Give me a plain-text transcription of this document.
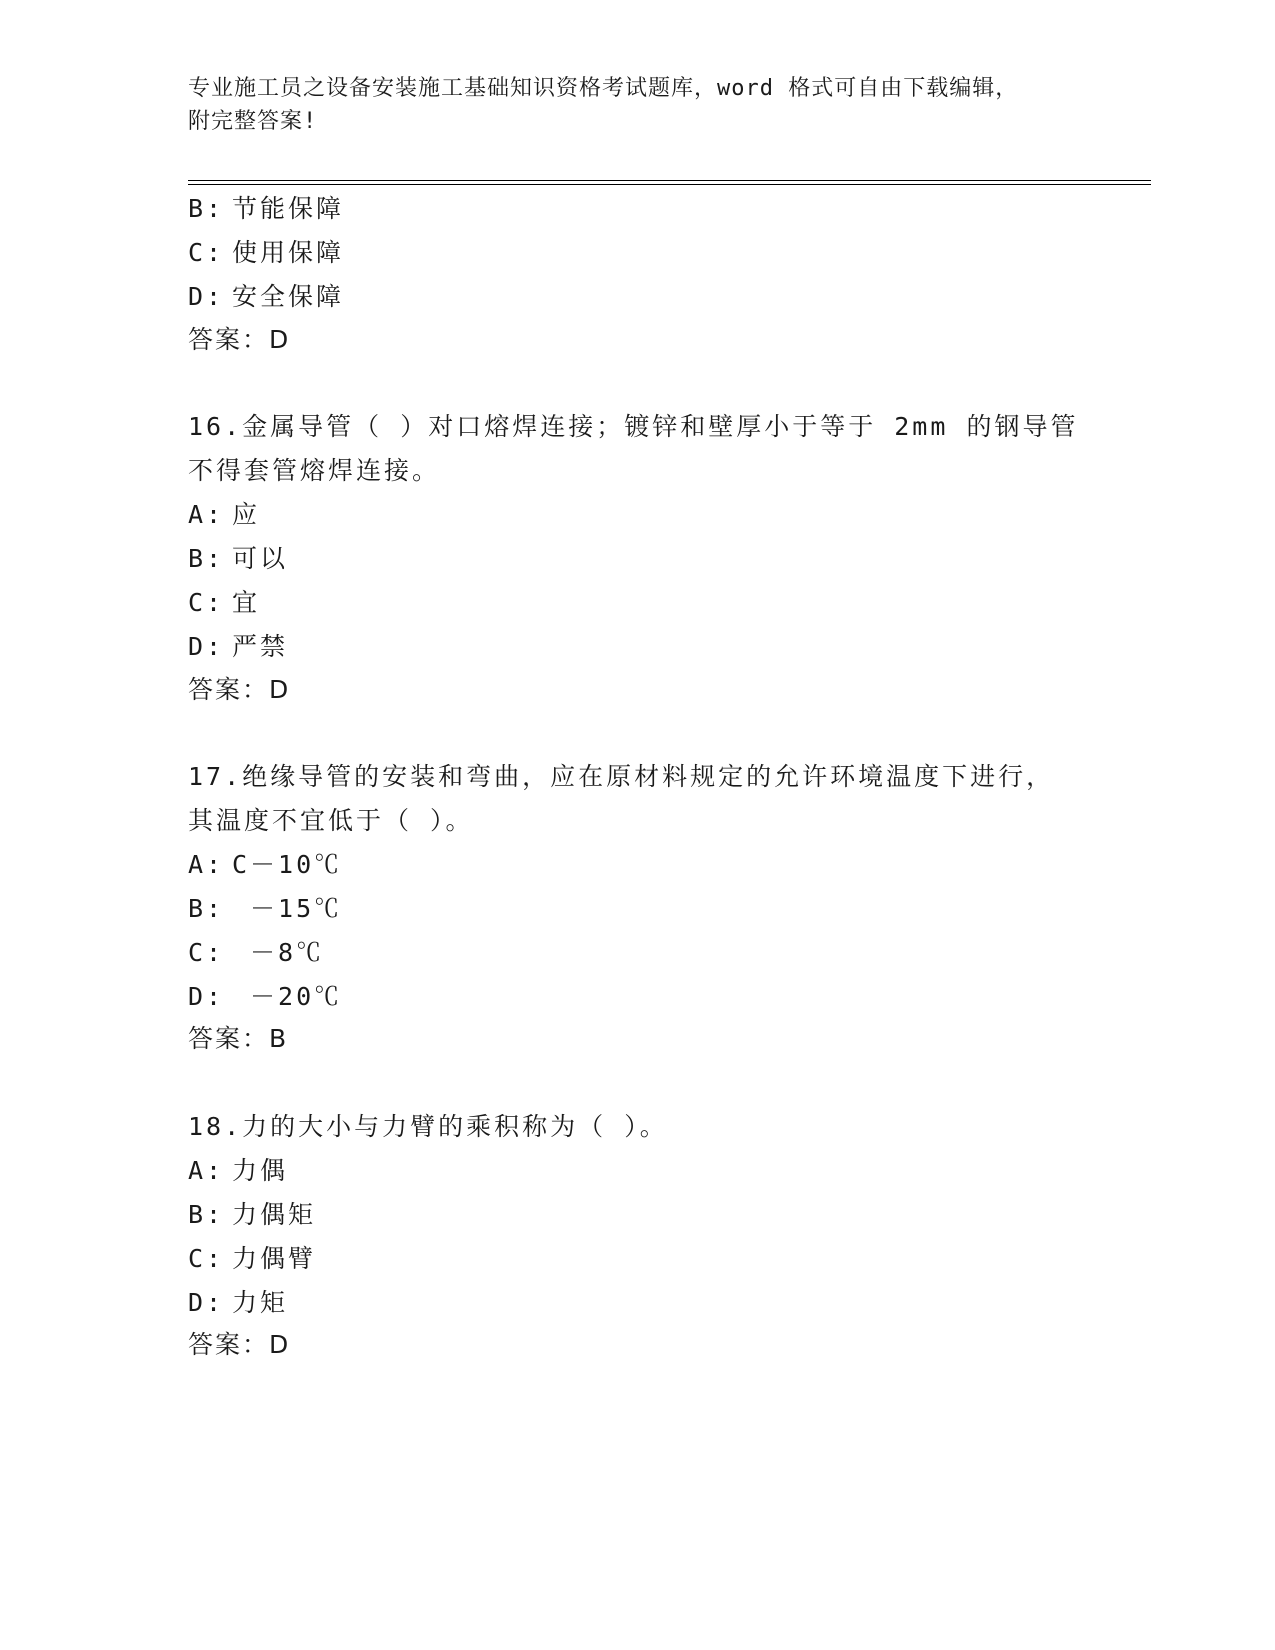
专业施工员之设备安装施工基础知识资格考试题库，word 格式可自由下载编辑，
附完整答案!
B: 节能保障
C: 使用保障
D: 安全保障
答案：D
16.金属导管（ ）对口熔焊连接；镀锌和壁厚小于等于 2mm 的钢导管
不得套管熔焊连接。
A: 应
B: 可以
C: 宜
D: 严禁
答案：D
17.绝缘导管的安装和弯曲，应在原材料规定的允许环境温度下进行，
其温度不宜低于（ ）。
A: C－10℃
B: －15℃
C: －8℃
D: －20℃
答案：B
18.力的大小与力臂的乘积称为（ ）。
A: 力偶
B: 力偶矩
C: 力偶臂
D: 力矩
答案：D
